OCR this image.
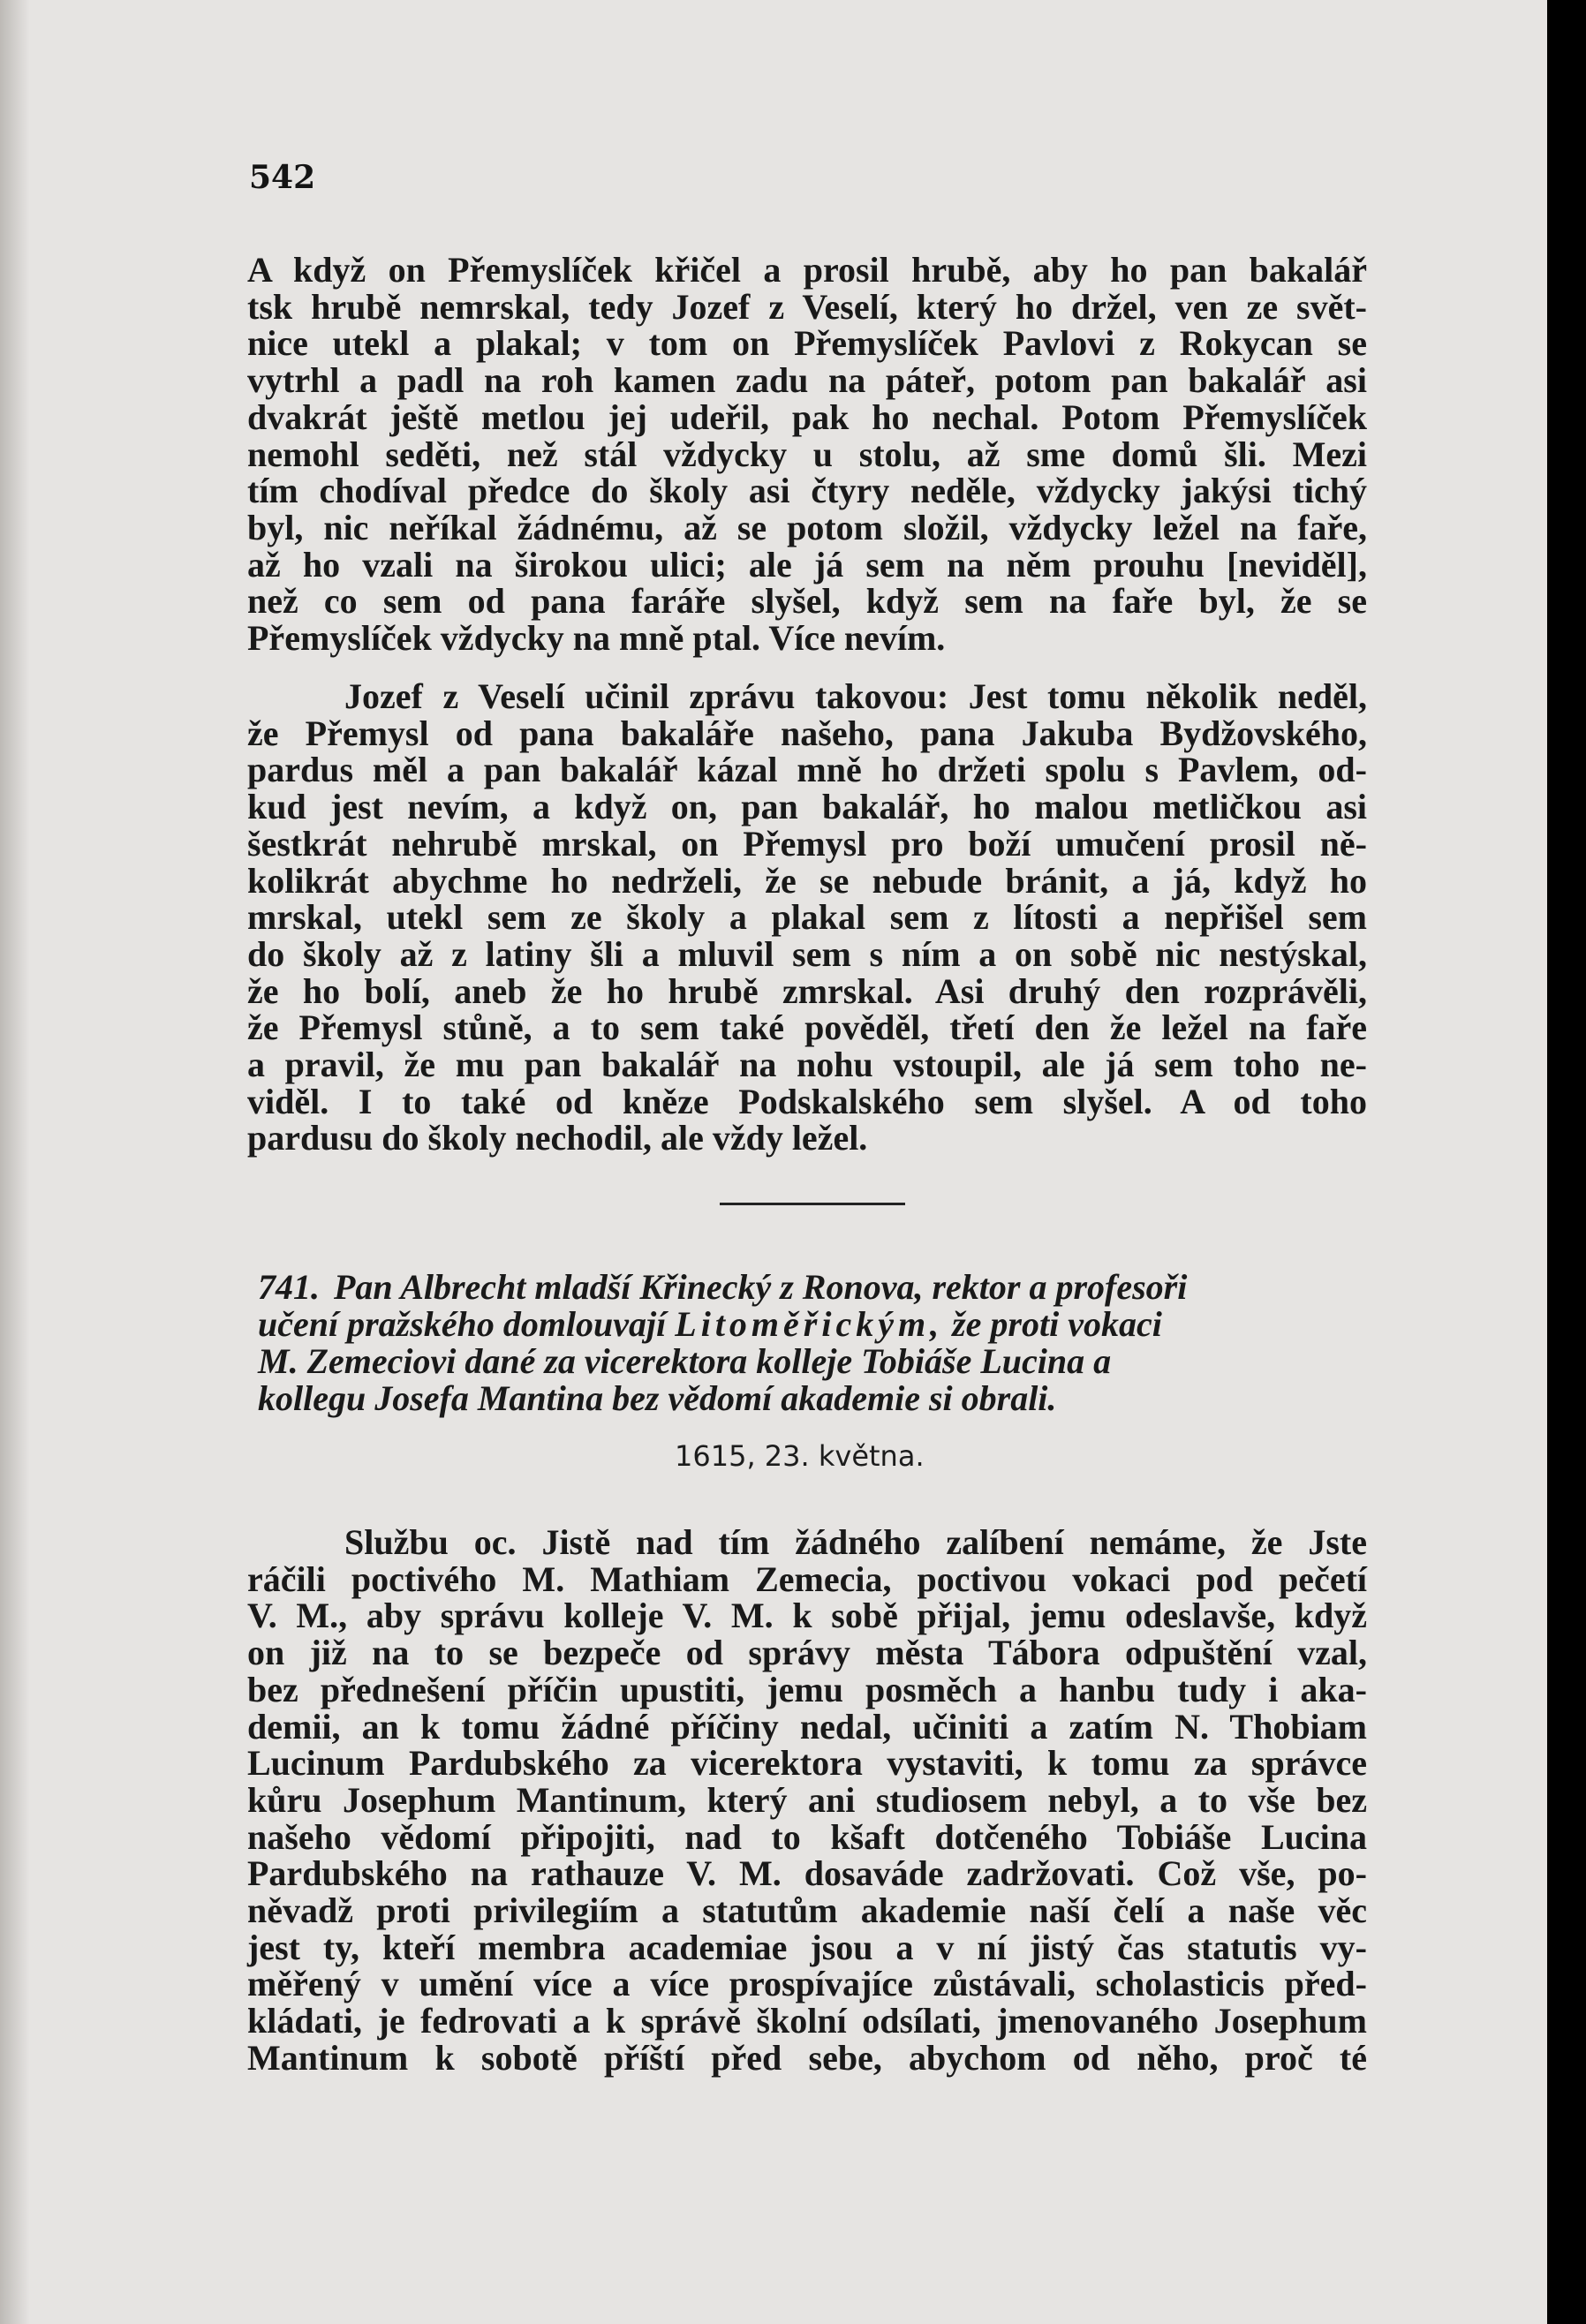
542

A když on Přemyslíček křičel a prosil hrubě, aby ho pan bakalář
tsk hrubě nemrskal, tedy Jozef z Veselí, který ho držel, ven ze svět-
nice utekl a plakal; v tom on Přemyslíček Pavlovi z Rokycan se
vytrhl a padl na roh kamen zadu na páteř, potom pan bakalář asi
dvakrát ještě metlou jej udeřil, pak ho nechal. Potom Přemyslíček
nemohl seděti, než stál vždycky u stolu, až sme domů šli. Mezi
tím chodíval předce do školy asi čtyry neděle, vždycky jakýsi tichý
byl, nic neříkal žádnému, až se potom složil, vždycky ležel na faře,
až ho vzali na širokou ulici; ale já sem na něm prouhu [neviděl],
než co sem od pana faráře slyšel, když sem na faře byl, že se
Přemyslíček vždycky na mně ptal. Více nevím.

Jozef z Veselí učinil zprávu takovou: Jest tomu několik neděl,
že Přemysl od pana bakaláře našeho, pana Jakuba Bydžovského,
pardus měl a pan bakalář kázal mně ho držeti spolu s Pavlem, od-
kud jest nevím, a když on, pan bakalář, ho malou metličkou asi
šestkrát nehrubě mrskal, on Přemysl pro boží umučení prosil ně-
kolikrát abychme ho nedrželi, že se nebude bránit, a já, když ho
mrskal, utekl sem ze školy a plakal sem z lítosti a nepřišel sem
do školy až z latiny šli a mluvil sem s ním a on sobě nic nestýskal,
že ho bolí, aneb že ho hrubě zmrskal. Asi druhý den rozprávěli,
že Přemysl stůně, a to sem také pověděl, třetí den že ležel na faře
a pravil, že mu pan bakalář na nohu vstoupil, ale já sem toho ne-
viděl. I to také od kněze Podskalského sem slyšel. A od toho
pardusu do školy nechodil, ale vždy ležel.

741. Pan Albrecht mladší Křinecký z Ronova, rektor a profesoři
učení pražského domlouvají Litoměřickým, že proti vokaci
M. Zemeciovi dané za vicerektora kolleje Tobiáše Lucina a
kollegu Josefa Mantina bez vědomí akademie si obrali.

1615, 23. května.

Službu oc. Jistě nad tím žádného zalíbení nemáme, že Jste
ráčili poctivého M. Mathiam Zemecia, poctivou vokaci pod pečetí
V. M., aby správu kolleje V. M. k sobě přijal, jemu odeslavše, když
on již na to se bezpeče od správy města Tábora odpuštění vzal,
bez přednešení příčin upustiti, jemu posměch a hanbu tudy i aka-
demii, an k tomu žádné příčiny nedal, učiniti a zatím N. Thobiam
Lucinum Pardubského za vicerektora vystaviti, k tomu za správce
kůru Josephum Mantinum, který ani studiosem nebyl, a to vše bez
našeho vědomí připojiti, nad to kšaft dotčeného Tobiáše Lucina
Pardubského na rathauze V. M. dosaváde zadržovati. Což vše, po-
něvadž proti privilegiím a statutům akademie naší čelí a naše věc
jest ty, kteří membra academiae jsou a v ní jistý čas statutis vy-
měřený v umění více a více prospívajíce zůstávali, scholasticis před-
kládati, je fedrovati a k správě školní odsílati, jmenovaného Josephum
Mantinum k sobotě příští před sebe, abychom od něho, proč té
